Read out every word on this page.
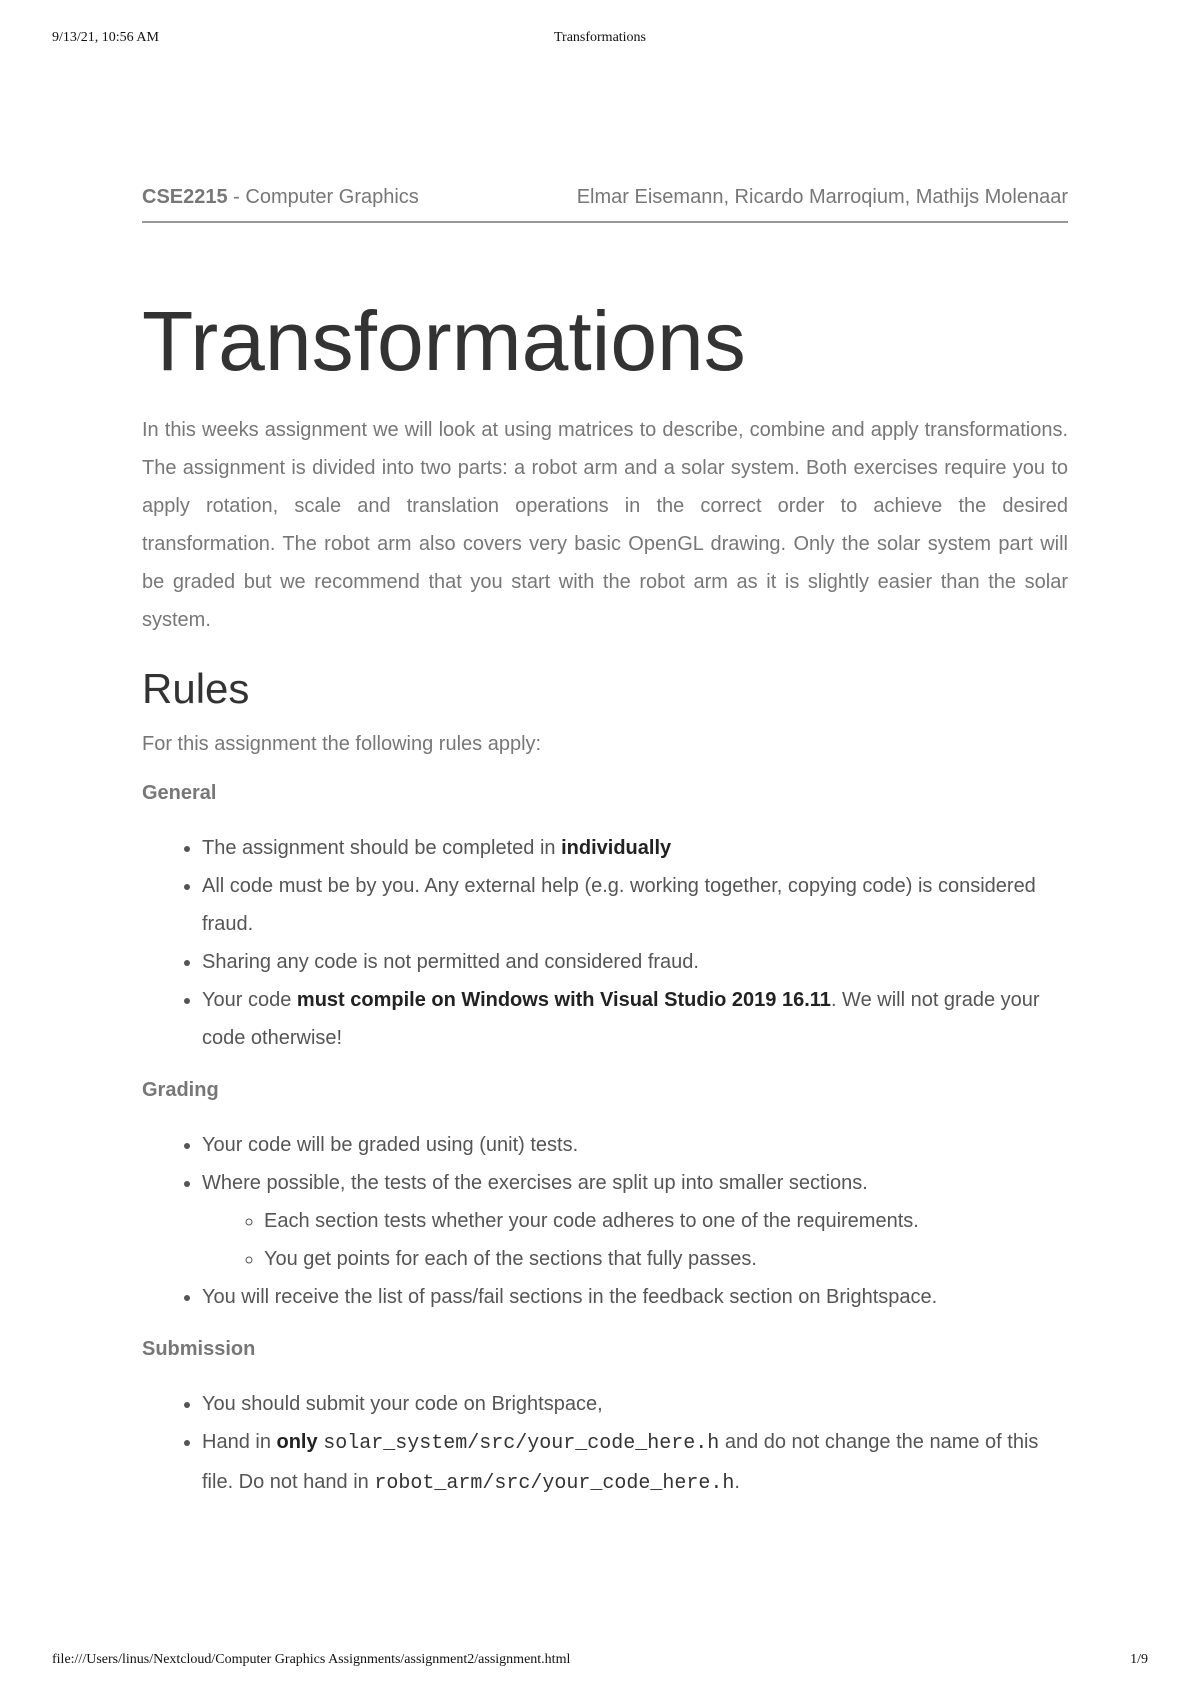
9/13/21, 10:56 AM	Transformations
CSE2215 - Computer Graphics	Elmar Eisemann, Ricardo Marroqium, Mathijs Molenaar
Transformations

In this weeks assignment we will look at using matrices to describe, combine and apply transformations. The assignment is divided into two parts: a robot arm and a solar system. Both exercises require you to apply rotation, scale and translation operations in the correct order to achieve the desired transformation. The robot arm also covers very basic OpenGL drawing. Only the solar system part will be graded but we recommend that you start with the robot arm as it is slightly easier than the solar system.

Rules

For this assignment the following rules apply:

General
• The assignment should be completed in individually
• All code must be by you. Any external help (e.g. working together, copying code) is considered fraud.
• Sharing any code is not permitted and considered fraud.
• Your code must compile on Windows with Visual Studio 2019 16.11. We will not grade your code otherwise!
Grading
• Your code will be graded using (unit) tests.
• Where possible, the tests of the exercises are split up into smaller sections.
◦ Each section tests whether your code adheres to one of the requirements.
◦ You get points for each of the sections that fully passes.
• You will receive the list of pass/fail sections in the feedback section on Brightspace.
Submission
• You should submit your code on Brightspace,
• Hand in only solar_system/src/your_code_here.h and do not change the name of this file. Do not hand in robot_arm/src/your_code_here.h.
file:///Users/linus/Nextcloud/Computer Graphics Assignments/assignment2/assignment.html	1/9
